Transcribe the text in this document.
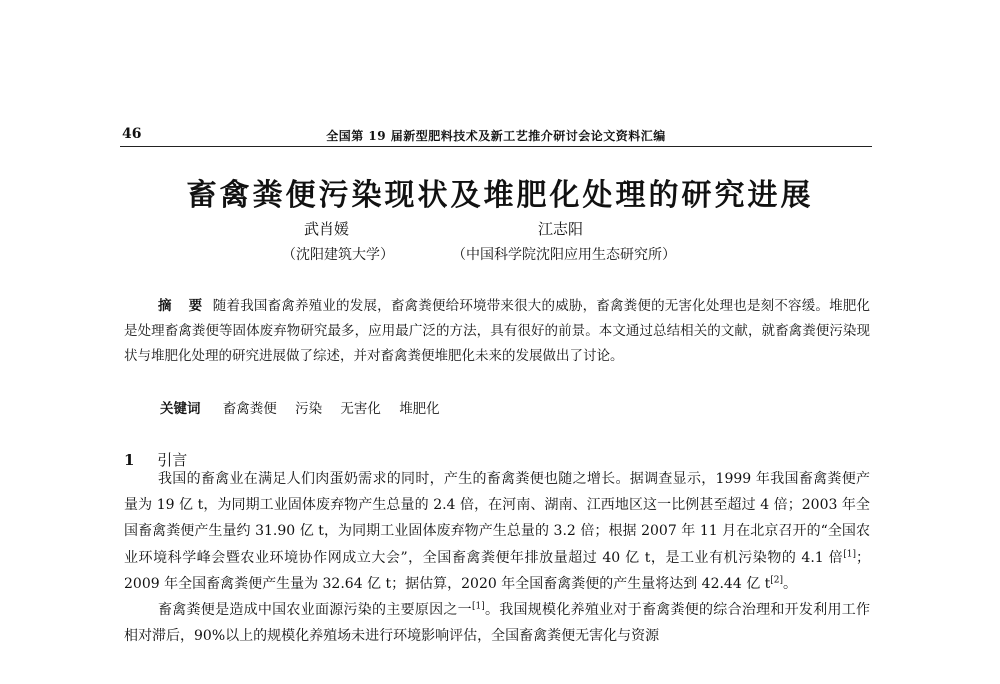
46	全国第 19 届新型肥料技术及新工艺推介研讨会论文资料汇编
畜禽粪便污染现状及堆肥化处理的研究进展
武肖媛	江志阳
（沈阳建筑大学）	（中国科学院沈阳应用生态研究所）
摘 要 随着我国畜禽养殖业的发展，畜禽粪便给环境带来很大的威胁，畜禽粪便的无害化处理也是刻不容缓。堆肥化是处理畜禽粪便等固体废弃物研究最多，应用最广泛的方法，具有很好的前景。本文通过总结相关的文献，就畜禽粪便污染现状与堆肥化处理的研究进展做了综述，并对畜禽粪便堆肥化未来的发展做出了讨论。
关键词 畜禽粪便 污染 无害化 堆肥化
1 引言

我国的畜禽业在满足人们肉蛋奶需求的同时，产生的畜禽粪便也随之增长。据调查显示，1999 年我国畜禽粪便产量为 19 亿 t，为同期工业固体废弃物产生总量的 2.4 倍，在河南、湖南、江西地区这一比例甚至超过 4 倍；2003 年全国畜禽粪便产生量约 31.90 亿 t，为同期工业固体废弃物产生总量的 3.2 倍；根据 2007 年 11 月在北京召开的“全国农业环境科学峰会暨农业环境协作网成立大会”，全国畜禽粪便年排放量超过 40 亿 t，是工业有机污染物的 4.1 倍[1]；2009 年全国畜禽粪便产生量为 32.64 亿 t；据估算，2020 年全国畜禽粪便的产生量将达到 42.44 亿 t[2]。

畜禽粪便是造成中国农业面源污染的主要原因之一[1]。我国规模化养殖业对于畜禽粪便的综合治理和开发利用工作相对滞后，90%以上的规模化养殖场未进行环境影响评估，全国畜禽粪便无害化与资源
